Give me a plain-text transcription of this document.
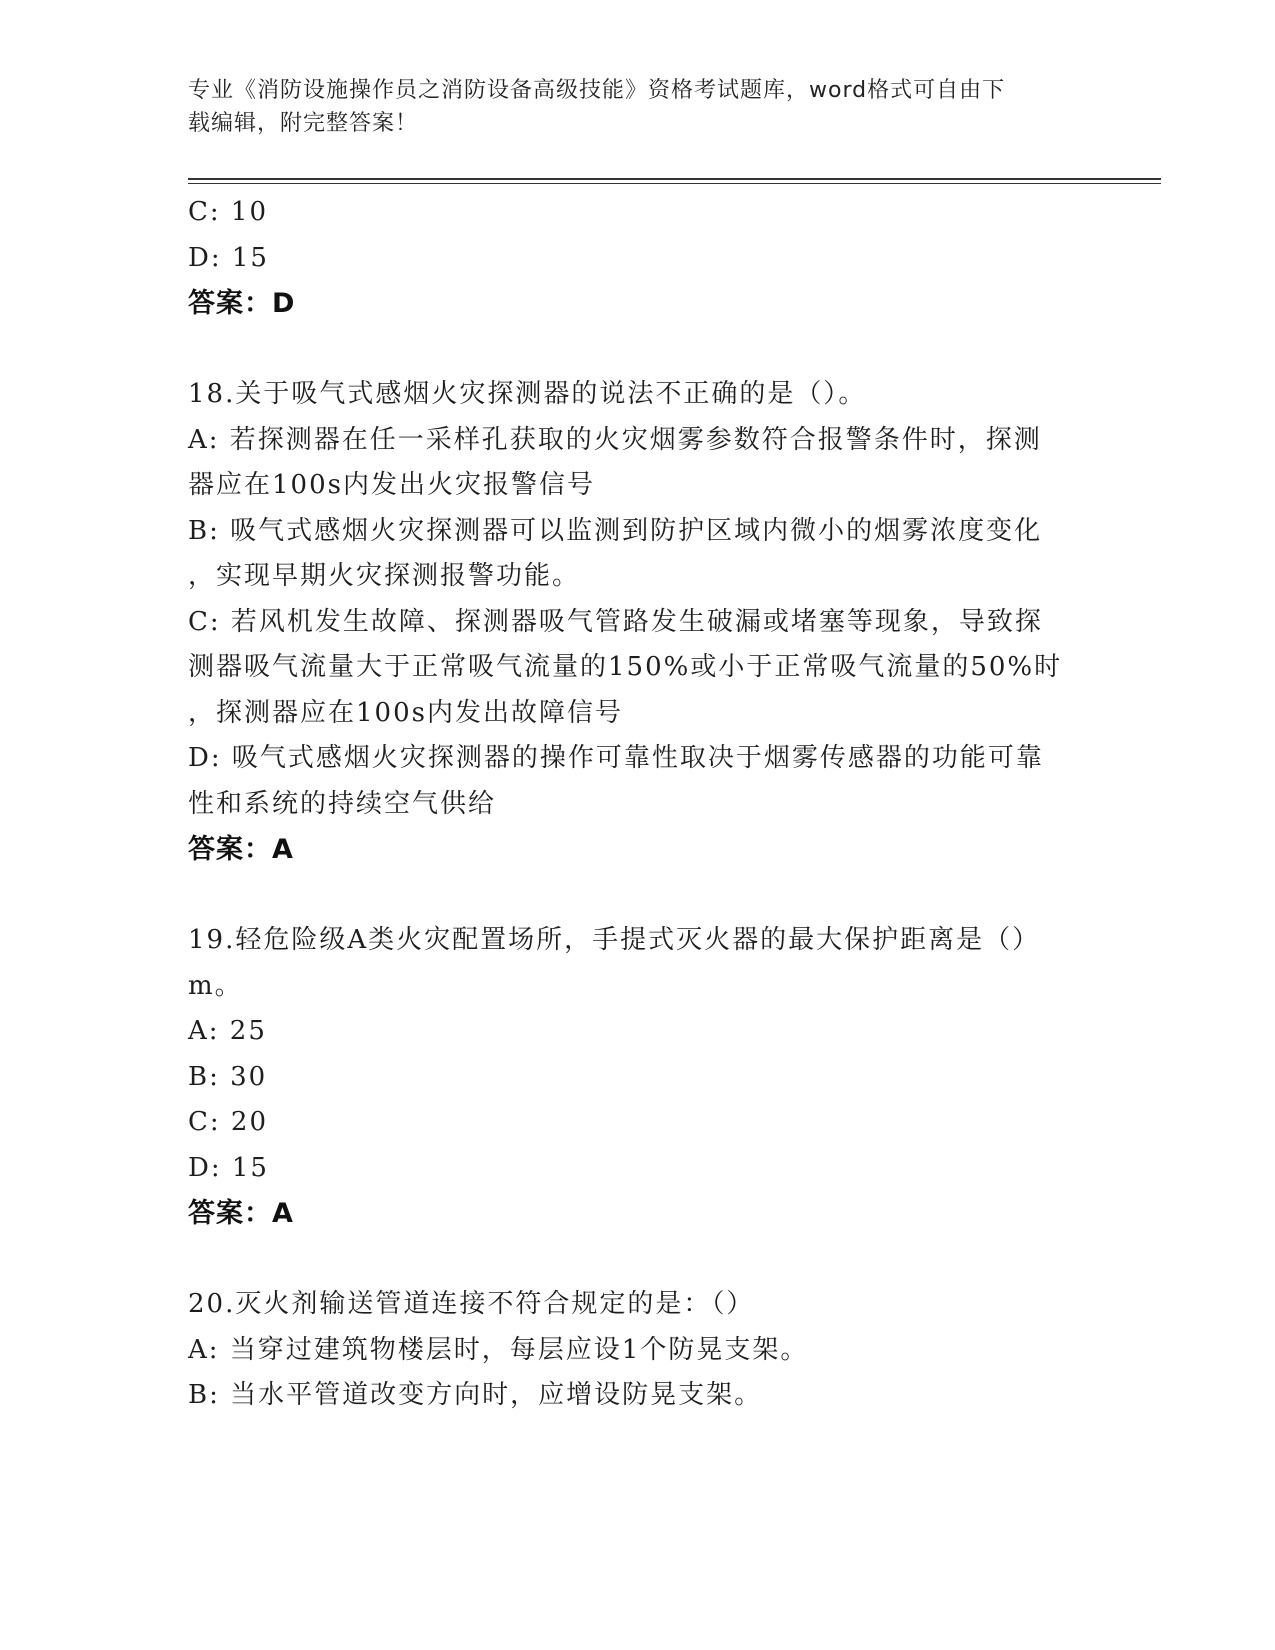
专业《消防设施操作员之消防设备高级技能》资格考试题库，word格式可自由下
载编辑，附完整答案！
C: 10
D: 15
答案：D
18.关于吸气式感烟火灾探测器的说法不正确的是（）。
A: 若探测器在任一采样孔获取的火灾烟雾参数符合报警条件时，探测
器应在100s内发出火灾报警信号
B: 吸气式感烟火灾探测器可以监测到防护区域内微小的烟雾浓度变化
，实现早期火灾探测报警功能。
C: 若风机发生故障、探测器吸气管路发生破漏或堵塞等现象，导致探
测器吸气流量大于正常吸气流量的150%或小于正常吸气流量的50%时
，探测器应在100s内发出故障信号
D: 吸气式感烟火灾探测器的操作可靠性取决于烟雾传感器的功能可靠
性和系统的持续空气供给
答案：A
19.轻危险级A类火灾配置场所，手提式灭火器的最大保护距离是（）
m。
A: 25
B: 30
C: 20
D: 15
答案：A
20.灭火剂输送管道连接不符合规定的是：（）
A: 当穿过建筑物楼层时，每层应设1个防晃支架。
B: 当水平管道改变方向时，应增设防晃支架。
